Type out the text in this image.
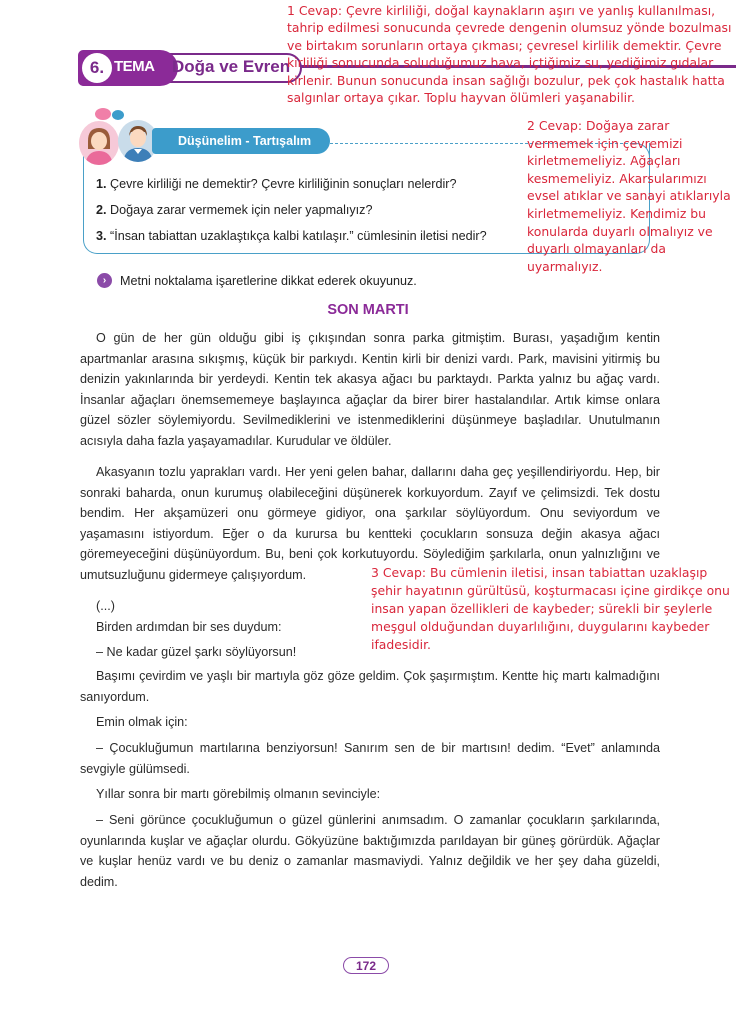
6. TEMA Doğa ve Evren
Düşünelim - Tartışalım
1. Çevre kirliliği ne demektir? Çevre kirliliğinin sonuçları nelerdir?
2. Doğaya zarar vermemek için neler yapmalıyız?
3. “İnsan tabiattan uzaklaştıkça kalbi katılaşır.” cümlesinin iletisi nedir?
1 Cevap: Çevre kirliliği, doğal kaynakların aşırı ve yanlış kullanılması, tahrip edilmesi sonucunda çevrede dengenin olumsuz yönde bozulması ve birtakım sorunların ortaya çıkması; çevresel kirlilik demektir. Çevre kirliliği sonucunda soluduğumuz hava, içtiğimiz su, yediğimiz gıdalar kirlenir. Bunun sonucunda insan sağlığı bozulur, pek çok hastalık hatta salgınlar ortaya çıkar. Toplu hayvan ölümleri yaşanabilir.
2 Cevap: Doğaya zarar vermemek için çevremizi kirletmemeliyiz. Ağaçları kesmemeliyiz. Akarsularımızı evsel atıklar ve sanayi atıklarıyla kirletmemeliyiz. Kendimiz bu konularda duyarlı olmalıyız ve duyarlı olmayanları da uyarmalıyız.
›	Metni noktalama işaretlerine dikkat ederek okuyunuz.
SON MARTI

O gün de her gün olduğu gibi iş çıkışından sonra parka gitmiştim. Burası, yaşadığım kentin apartmanlar arasına sıkışmış, küçük bir parkıydı. Kentin kirli bir denizi vardı. Park, mavisini yitirmiş bu denizin yakınlarında bir yerdeydi. Kentin tek akasya ağacı bu parktaydı. Parkta yalnız bu ağaç vardı. İnsanlar ağaçları önemsememeye başlayınca ağaçlar da birer birer hastalandılar. Artık kimse onlara güzel sözler söylemiyordu. Sevilmediklerini ve istenmediklerini düşünmeye başladılar. Unutulmanın acısıyla daha fazla yaşayamadılar. Kurudular ve öldüler.

Akasyanın tozlu yaprakları vardı. Her yeni gelen bahar, dallarını daha geç yeşillendiriyordu. Hep, bir sonraki baharda, onun kurumuş olabileceğini düşünerek korkuyordum. Zayıf ve çelimsizdi. Tek dostu bendim. Her akşamüzeri onu görmeye gidiyor, ona şarkılar söylüyordum. Onu seviyordum ve yaşamasını istiyordum. Eğer o da kurursa bu kentteki çocukların sonsuza değin akasya ağacı göremeyeceğini düşünüyordum. Bu, beni çok korkutuyordu. Söylediğim şarkılarla, onun yalnızlığını ve umutsuzluğunu gidermeye çalışıyordum.

(...)

Birden ardımdan bir ses duydum:

– Ne kadar güzel şarkı söylüyorsun!

Başımı çevirdim ve yaşlı bir martıyla göz göze geldim. Çok şaşırmıştım. Kentte hiç martı kalmadığını sanıyordum.

Emin olmak için:

– Çocukluğumun martılarına benziyorsun! Sanırım sen de bir martısın! dedim. “Evet” anlamında sevgiyle gülümsedi.

Yıllar sonra bir martı görebilmiş olmanın sevinciyle:

– Seni görünce çocukluğumun o güzel günlerini anımsadım. O zamanlar çocukların şarkılarında, oyunlarında kuşlar ve ağaçlar olurdu. Gökyüzüne baktığımızda parıldayan bir güneş görürdük. Ağaçlar ve kuşlar henüz vardı ve bu deniz o zamanlar masmaviydi. Yalnız değildik ve her şey daha güzeldi, dedim.

3 Cevap: Bu cümlenin iletisi, insan tabiattan uzaklaşıp şehir hayatının gürültüsü, koşturmacası içine girdikçe onu insan yapan özellikleri de kaybeder; sürekli bir şeylerle meşgul olduğundan duyarlılığını, duygularını kaybeder ifadesidir.
172
